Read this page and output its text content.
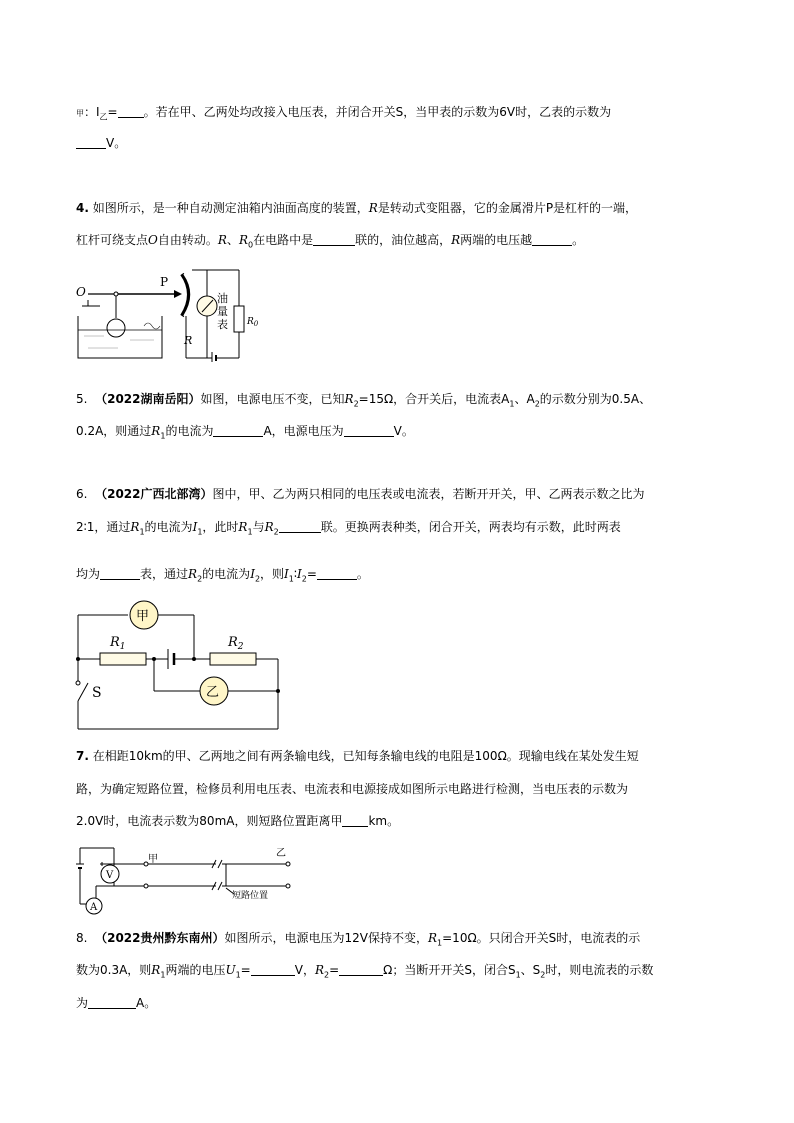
甲：$I_乙=$ 。若在甲、乙两处均改接入电压表，并闭合开关S，当甲表的示数为6V时，乙表的示数为
V。
4. 如图所示，是一种自动测定油箱内油面高度的装置，R是转动式变阻器，它的金属滑片P是杠杆的一端，
杠杆可绕支点O自由转动。R、$R_0$在电路中是	联的，油位越高，R两端的电压越	。
O
P
R
油
量
表 $R_0$
5. （2022湖南岳阳）如图，电源电压不变，已知$R_2=15\Omega$，合开关后，电流表$A_1$、$A_2$的示数分别为0.5A、
0.2A，则通过$R_1$的电流为	A，电源电压为	V。
6. （2022广西北部湾）图中，甲、乙为两只相同的电压表或电流表，若断开开关，甲、乙两表示数之比为
2∶1，通过$R_1$的电流为$I_1$，此时$R_1$与$R_2$	联。更换两表种类，闭合开关，两表均有示数，此时两表
均为	表，通过$R_2$的电流为$I_2$，则$I_1∶I_2=$	。
甲
$R_1$	$R_2$
乙
S
7. 在相距10km的甲、乙两地之间有两条输电线，已知每条输电线的电阻是100Ω。现输电线在某处发生短
路，为确定短路位置，检修员利用电压表、电流表和电源接成如图所示电路进行检测，当电压表的示数为
2.0V时，电流表示数为80mA，则短路位置距离甲 km。
V
A
甲
短路位置
乙
8. （2022贵州黔东南州）如图所示，电源电压为12V保持不变，$R_1=10\Omega$。只闭合开关S时，电流表的示
数为0.3A，则$R_1$两端的电压$U_1=$	V，$R_2=$	Ω；当断开开关S，闭合$S_1$、$S_2$时，则电流表的示数
为	A。
